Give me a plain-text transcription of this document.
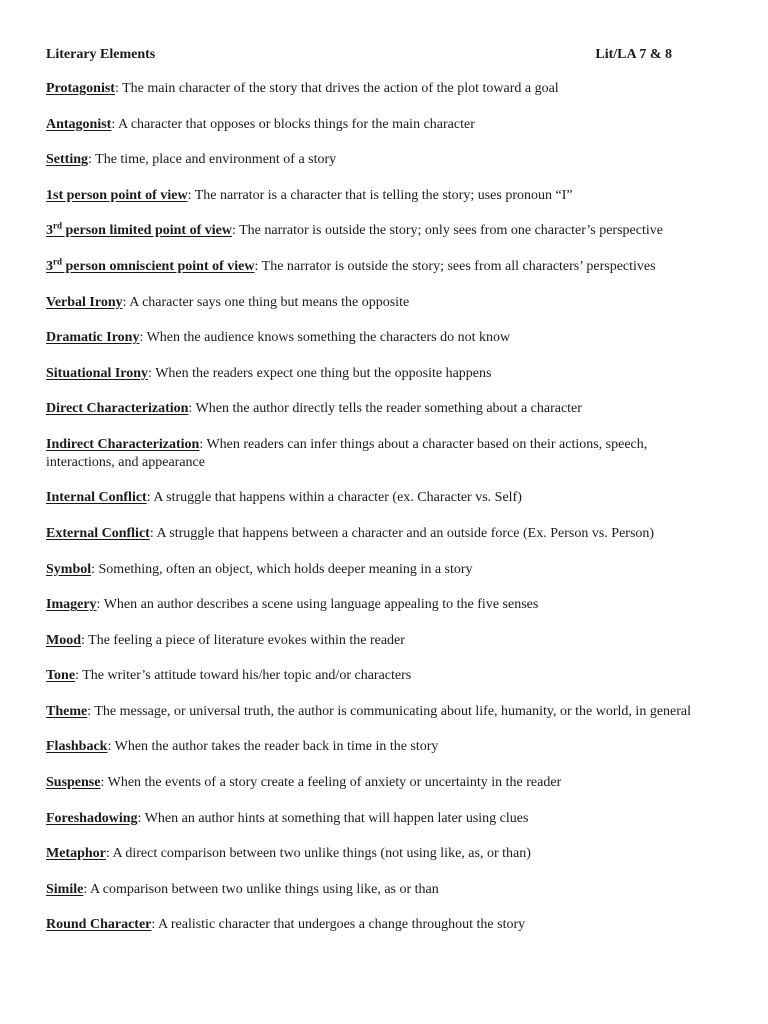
Literary Elements	Lit/LA 7 & 8
Protagonist: The main character of the story that drives the action of the plot toward a goal
Antagonist: A character that opposes or blocks things for the main character
Setting: The time, place and environment of a story
1st person point of view: The narrator is a character that is telling the story; uses pronoun “I”
3rd person limited point of view: The narrator is outside the story; only sees from one character’s perspective
3rd person omniscient point of view: The narrator is outside the story; sees from all characters’ perspectives
Verbal Irony: A character says one thing but means the opposite
Dramatic Irony: When the audience knows something the characters do not know
Situational Irony: When the readers expect one thing but the opposite happens
Direct Characterization: When the author directly tells the reader something about a character
Indirect Characterization: When readers can infer things about a character based on their actions, speech, interactions, and appearance
Internal Conflict: A struggle that happens within a character (ex. Character vs. Self)
External Conflict: A struggle that happens between a character and an outside force (Ex. Person vs. Person)
Symbol: Something, often an object, which holds deeper meaning in a story
Imagery: When an author describes a scene using language appealing to the five senses
Mood: The feeling a piece of literature evokes within the reader
Tone: The writer’s attitude toward his/her topic and/or characters
Theme: The message, or universal truth, the author is communicating about life, humanity, or the world, in general
Flashback: When the author takes the reader back in time in the story
Suspense: When the events of a story create a feeling of anxiety or uncertainty in the reader
Foreshadowing: When an author hints at something that will happen later using clues
Metaphor: A direct comparison between two unlike things (not using like, as, or than)
Simile: A comparison between two unlike things using like, as or than
Round Character: A realistic character that undergoes a change throughout the story
